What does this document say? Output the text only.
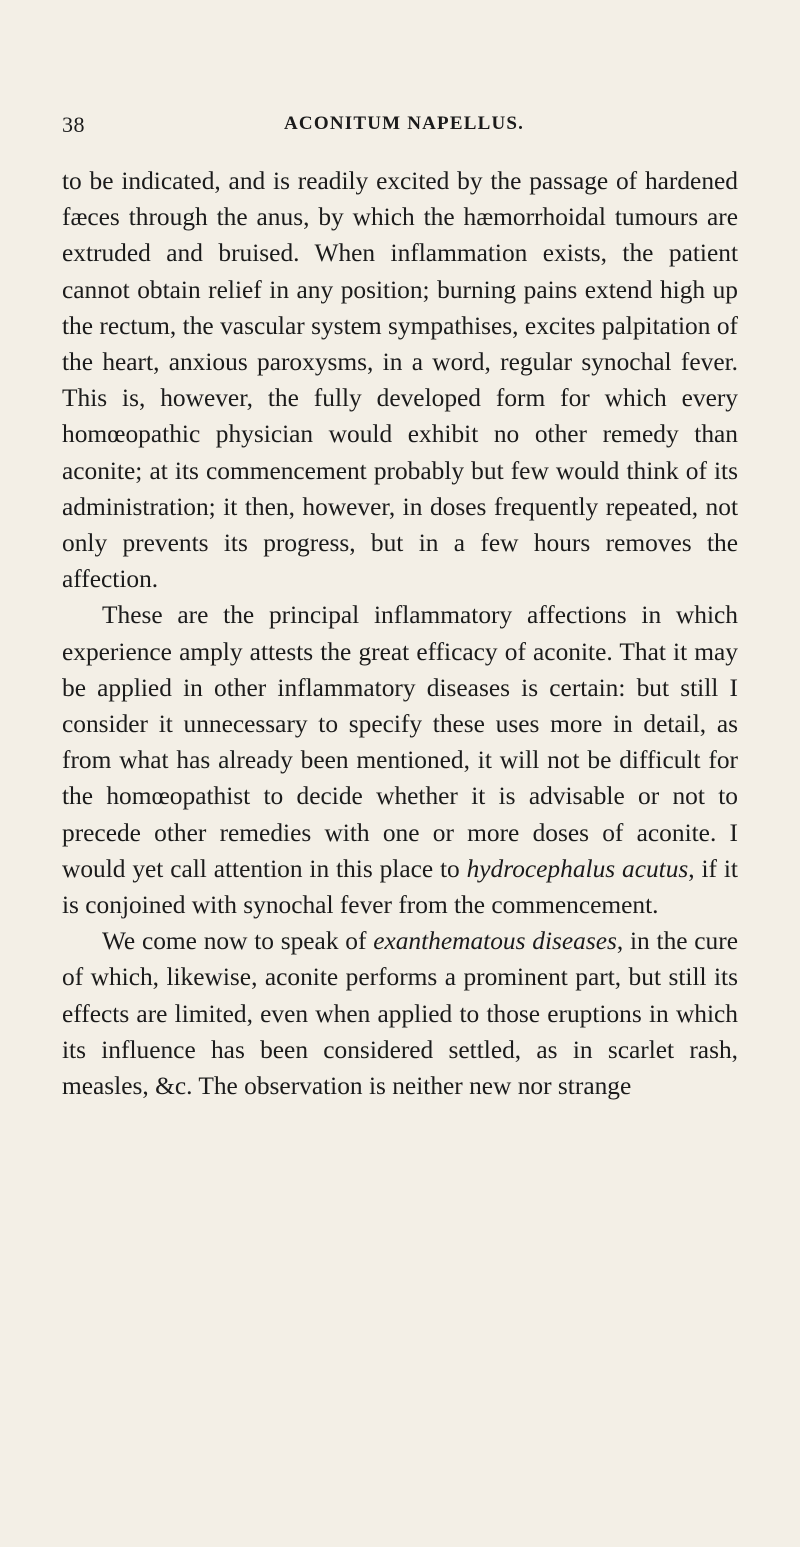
38	ACONITUM NAPELLUS.

to be indicated, and is readily excited by the passage of hardened fæces through the anus, by which the hæmorrhoidal tumours are extruded and bruised. When inflammation exists, the patient cannot obtain relief in any position; burning pains extend high up the rectum, the vascular system sympathises, excites palpitation of the heart, anxious paroxysms, in a word, regular synochal fever. This is, however, the fully developed form for which every homœopathic physician would exhibit no other remedy than aconite; at its commencement probably but few would think of its administration; it then, however, in doses frequently repeated, not only prevents its progress, but in a few hours removes the affection.

These are the principal inflammatory affections in which experience amply attests the great efficacy of aconite. That it may be applied in other inflammatory diseases is certain: but still I consider it unnecessary to specify these uses more in detail, as from what has already been mentioned, it will not be difficult for the homœopathist to decide whether it is advisable or not to precede other remedies with one or more doses of aconite. I would yet call attention in this place to hydrocephalus acutus, if it is conjoined with synochal fever from the commencement.

We come now to speak of exanthematous diseases, in the cure of which, likewise, aconite performs a prominent part, but still its effects are limited, even when applied to those eruptions in which its influence has been considered settled, as in scarlet rash, measles, &c. The observation is neither new nor strange
